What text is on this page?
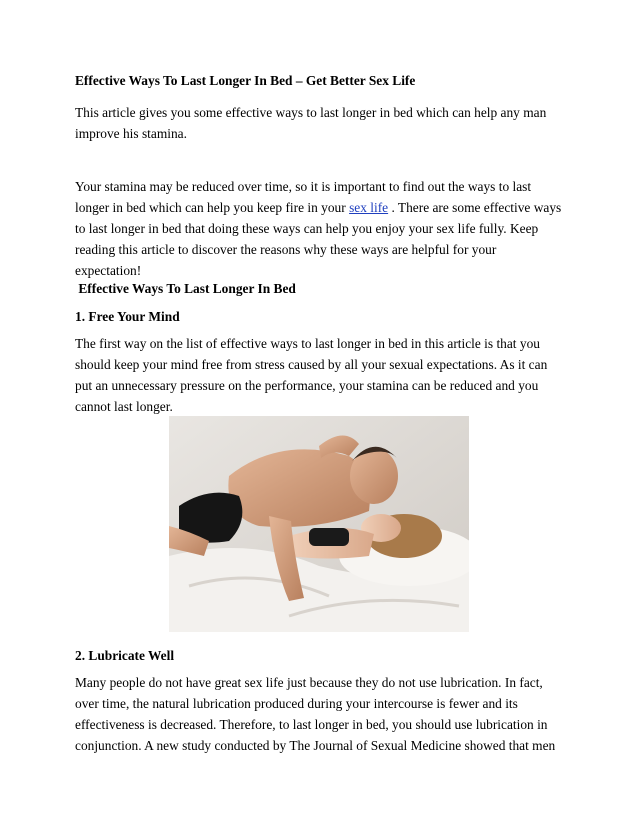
Effective Ways To Last Longer In Bed – Get Better Sex Life
This article gives you some effective ways to last longer in bed which can help any man improve his stamina.
Your stamina may be reduced over time, so it is important to find out the ways to last longer in bed which can help you keep fire in your sex life . There are some effective ways to last longer in bed that doing these ways can help you enjoy your sex life fully. Keep reading this article to discover the reasons why these ways are helpful for your expectation!
Effective Ways To Last Longer In Bed
1. Free Your Mind
The first way on the list of effective ways to last longer in bed in this article is that you should keep your mind free from stress caused by all your sexual expectations. As it can put an unnecessary pressure on the performance, your stamina can be reduced and you cannot last longer.
2. Lubricate Well
Many people do not have great sex life just because they do not use lubrication. In fact, over time, the natural lubrication produced during your intercourse is fewer and its effectiveness is decreased. Therefore, to last longer in bed, you should use lubrication in conjunction. A new study conducted by The Journal of Sexual Medicine showed that men
